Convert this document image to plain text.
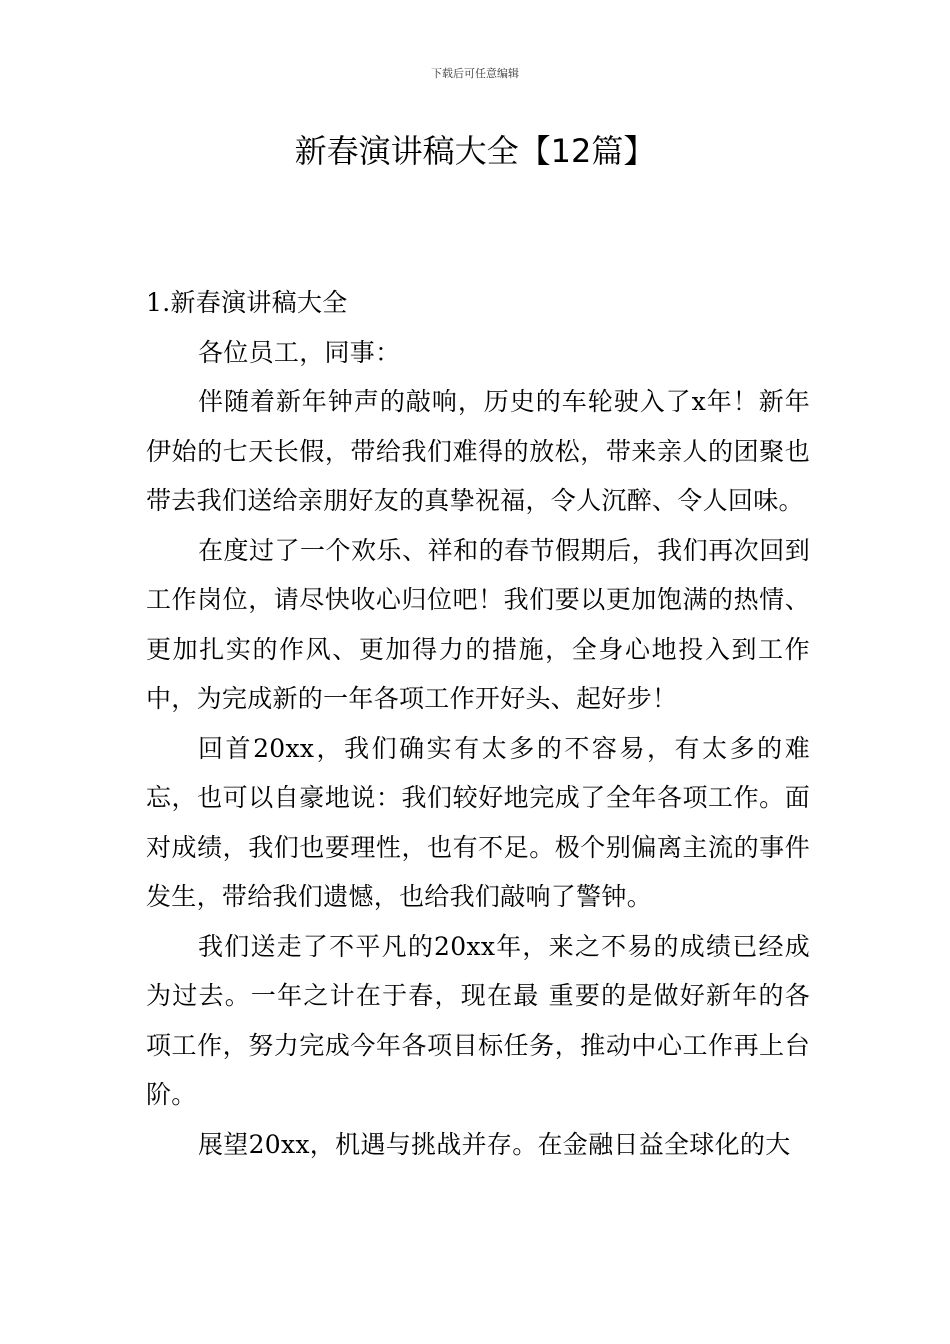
下载后可任意编辑
新春演讲稿大全【12篇】
1.新春演讲稿大全

各位员工，同事：

伴随着新年钟声的敲响，历史的车轮驶入了x年！新年伊始的七天长假，带给我们难得的放松，带来亲人的团聚也带去我们送给亲朋好友的真挚祝福，令人沉醉、令人回味。

在度过了一个欢乐、祥和的春节假期后，我们再次回到工作岗位，请尽快收心归位吧！我们要以更加饱满的热情、更加扎实的作风、更加得力的措施，全身心地投入到工作中，为完成新的一年各项工作开好头、起好步！

回首20xx，我们确实有太多的不容易，有太多的难忘，也可以自豪地说：我们较好地完成了全年各项工作。面对成绩，我们也要理性，也有不足。极个别偏离主流的事件发生，带给我们遗憾，也给我们敲响了警钟。

我们送走了不平凡的20xx年，来之不易的成绩已经成为过去。一年之计在于春，现在最 重要的是做好新年的各项工作，努力完成今年各项目标任务，推动中心工作再上台阶。

展望20xx，机遇与挑战并存。在金融日益全球化的大
